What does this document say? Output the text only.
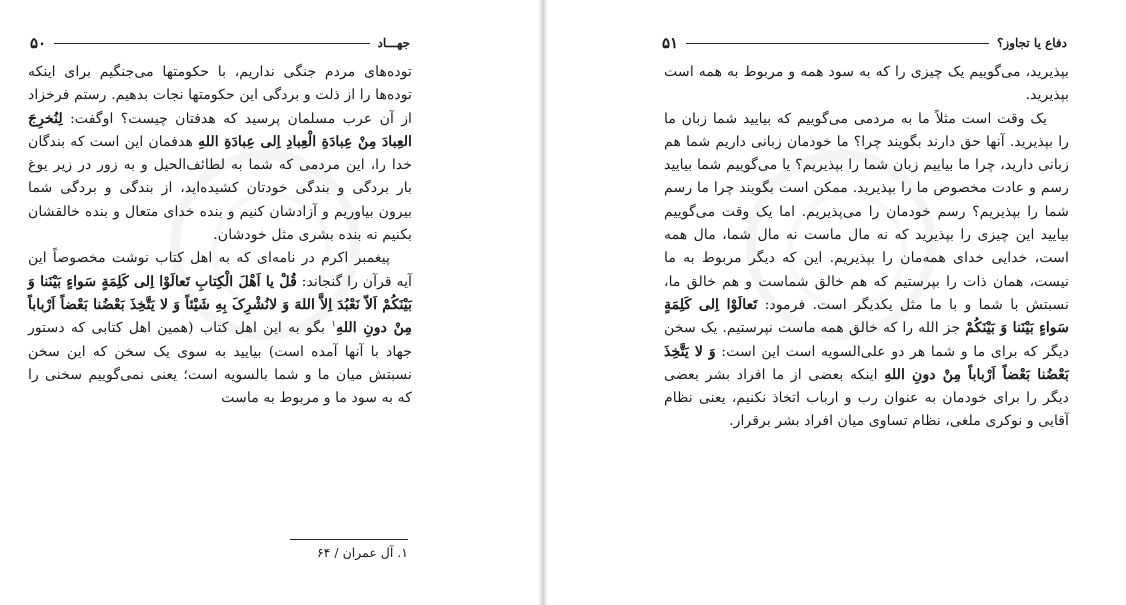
جهـــاد
۵۰

توده‌های مردم جنگی نداریم، با حکومتها می‌جنگیم برای اینکه توده‌ها را از ذلت و بردگی این حکومتها نجات بدهیم. رستم فرخزاد از آن عرب مسلمان پرسید که هدفتان چیست؟ اوگفت: لِنُخرِجَ العِبادَ مِنْ عِبادَةِ الْعِبادِ اِلی عِبادَةِ اللهِ هدفمان این است که بندگان خدا را، این مردمی که شما به لطائف‌الحیل و به زور در زیر یوغ بار بردگی و بندگی خودتان کشیده‌اید، از بندگی و بردگی شما بیرون بیاوریم و آزادشان کنیم و بنده خدای متعال و بنده خالقشان بکنیم نه بنده بشری مثل خودشان.

پیغمبر اکرم در نامه‌ای که به اهل کتاب نوشت مخصوصاً این آیه قرآن را گنجاند: قُلْ یا اَهْلَ الْکِتابِ تَعالَوْا اِلی کَلِمَةٍ سَواءٍ بَیْنَنا وَ بَیْنَکُمْ اَلاّ نَعْبُدَ اِلاَّ اللهَ وَ لانُشْرِکَ بِهِ شَیْئاً وَ لا یَتَّخِذَ بَعْضُنا بَعْضاً اَرْباباً مِنْ دونِ اللهِ$^۱$ بگو به این اهل کتاب (همین اهل کتابی که دستور جهاد با آنها آمده است) بیایید به سوی یک سخن که این سخن نسبتش میان ما و شما بالسویه است؛ یعنی نمی‌گوییم سخنی را که به سود ما و مربوط به ماست

۱. آل عمران / ۶۴
دفاع یا تجاوز؟
۵۱

بپذیرید، می‌گوییم یک چیزی را که به سود همه و مربوط به همه است بپذیرید.

یک وقت است مثلاً ما به مردمی می‌گوییم که بیایید شما زبان ما را بپذیرید. آنها حق دارند بگویند چرا؟ ما خودمان زبانی داریم شما هم زبانی دارید، چرا ما بیاییم زبان شما را بپذیریم؟ یا می‌گوییم شما بیایید رسم و عادت مخصوص ما را بپذیرید. ممکن است بگویند چرا ما رسم شما را بپذیریم؟ رسم خودمان را می‌پذیریم. اما یک وقت می‌گوییم بیایید این چیزی را بپذیرید که نه مال ماست نه مال شما، مال همه است، خدایی خدای همه‌مان را بپذیریم. این که دیگر مربوط به ما نیست، همان ذات را بپرستیم که هم خالق شماست و هم خالق ما، نسبتش با شما و با ما مثل یکدیگر است. فرمود: تَعالَوْا اِلی کَلِمَةٍ سَواءٍ بَیْنَنا وَ بَیْنَکُمْ جز الله را که خالق همه ماست نپرستیم. یک سخن دیگر که برای ما و شما هر دو علی‌السویه است این است: وَ لا یَتَّخِذَ بَعْضُنا بَعْضاً اَرْباباً مِنْ دونِ اللهِ اینکه بعضی از ما افراد بشر بعضی دیگر را برای خودمان به عنوان رب و ارباب اتخاذ نکنیم، یعنی نظام آقایی و نوکری ملغی، نظام تساوی میان افراد بشر برقرار.
